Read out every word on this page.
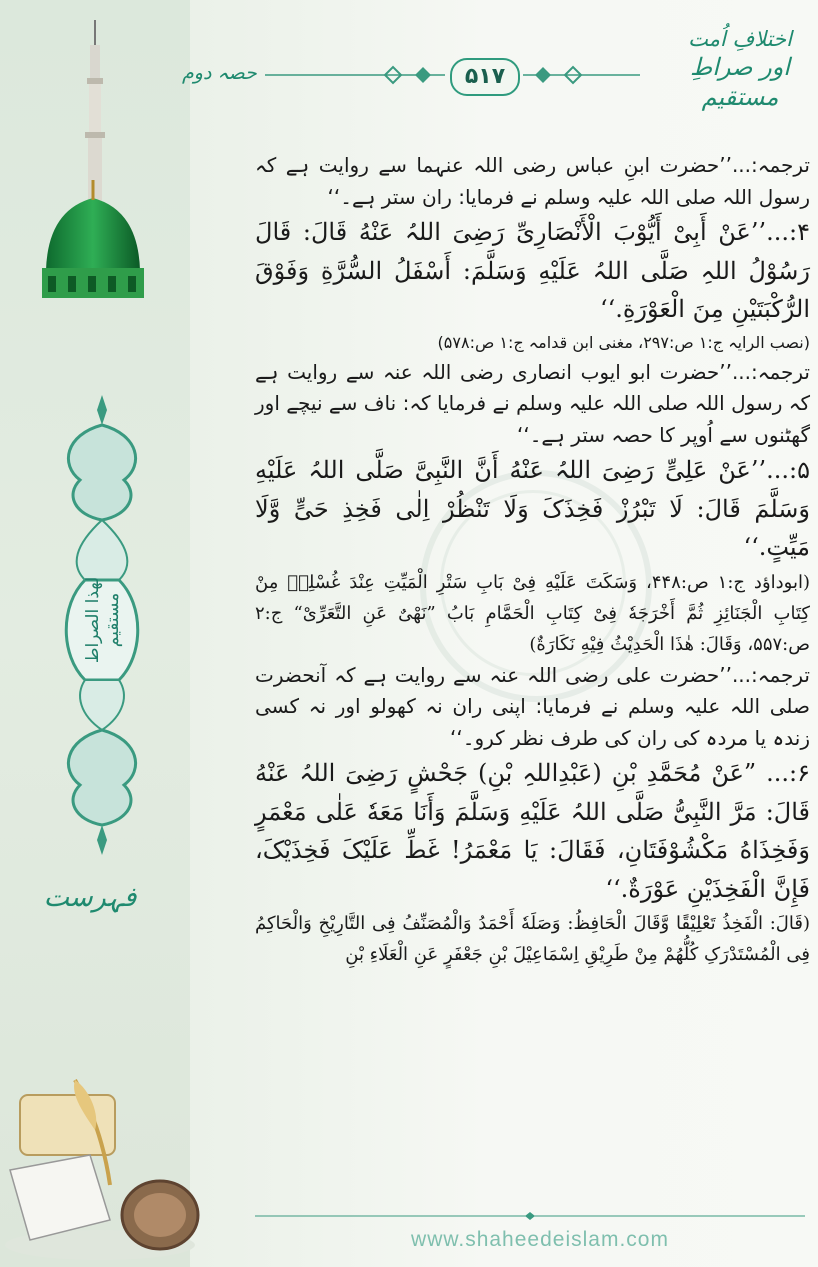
لهذا الصراط مستقيم
فہرست
اختلافِ اُمت
اور صراطِ مستقیم
حصہ دوم	۵۱۷

ترجمہ:...’’حضرت ابنِ عباس رضی اللہ عنہما سے روایت ہے کہ رسول اللہ صلی اللہ علیہ وسلم نے فرمایا: ران ستر ہے۔‘‘

۴:...’’عَنْ أَبِیْ أَیُّوْبَ الْأَنْصَارِیِّ رَضِیَ اللہُ عَنْهُ قَالَ: قَالَ رَسُوْلُ اللہِ صَلَّی اللہُ عَلَیْهِ وَسَلَّمَ: أَسْفَلُ السُّرَّةِ وَفَوْقَ الرُّكْبَتَیْنِ مِنَ الْعَوْرَةِ.‘‘

(نصب الرایہ ج:۱ ص:۲۹۷، مغنی ابن قدامہ ج:۱ ص:۵۷۸)

ترجمہ:...’’حضرت ابو ایوب انصاری رضی اللہ عنہ سے روایت ہے کہ رسول اللہ صلی اللہ علیہ وسلم نے فرمایا کہ: ناف سے نیچے اور گھٹنوں سے اُوپر کا حصہ ستر ہے۔‘‘

۵:...’’عَنْ عَلِیٍّ رَضِیَ اللہُ عَنْهُ أَنَّ النَّبِیَّ صَلَّی اللہُ عَلَیْهِ وَسَلَّمَ قَالَ: لَا تَبْرُزْ فَخِذَکَ وَلَا تَنْظُرْ اِلٰی فَخِذِ حَیٍّ وَّلَا مَیِّتٍ.‘‘

(ابوداؤد ج:۱ ص:۴۴۸، وَسَكَتَ عَلَیْهِ فِیْ بَابِ سَتْرِ الْمَیِّتِ عِنْدَ غُسْلِهٖ مِنْ کِتَابِ الْجَنَائِزِ ثُمَّ أَخْرَجَهٗ فِیْ کِتَابِ الْحَمَّامِ بَابُ ”نَهْیٌ عَنِ التَّعَرِّیْ“ ج:۲ ص:۵۵۷، وَقَالَ: هٰذَا الْحَدِیْثُ فِیْهِ نَكَارَةٌ)

ترجمہ:...’’حضرت علی رضی اللہ عنہ سے روایت ہے کہ آنحضرت صلی اللہ علیہ وسلم نے فرمایا: اپنی ران نہ کھولو اور نہ کسی زندہ یا مردہ کی ران کی طرف نظر کرو۔‘‘

۶:... ”عَنْ مُحَمَّدِ بْنِ (عَبْدِاللہِ بْنِ) جَحْشٍ رَضِیَ اللہُ عَنْهُ قَالَ: مَرَّ النَّبِیُّ صَلَّی اللہُ عَلَیْهِ وَسَلَّمَ وَأَنَا مَعَهٗ عَلٰی مَعْمَرٍ وَفَخِذَاهُ مَكْشُوْفَتَانِ، فَقَالَ: یَا مَعْمَرُ! غَطِّ عَلَیْکَ فَخِذَیْکَ، فَإِنَّ الْفَخِذَیْنِ عَوْرَةٌ.‘‘

(قَالَ: الْفَخِذُ تَعْلِیْقًا وَّقَالَ الْحَافِظُ: وَصَلَهٗ أَحْمَدُ وَالْمُصَنِّفُ فِی التَّارِیْخِ وَالْحَاكِمُ فِی الْمُسْتَدْرَکِ كُلُّهُمْ مِنْ طَرِیْقِ اِسْمَاعِیْلَ بْنِ جَعْفَرٍ عَنِ الْعَلَاءِ بْنِ

www.shaheedeislam.com
